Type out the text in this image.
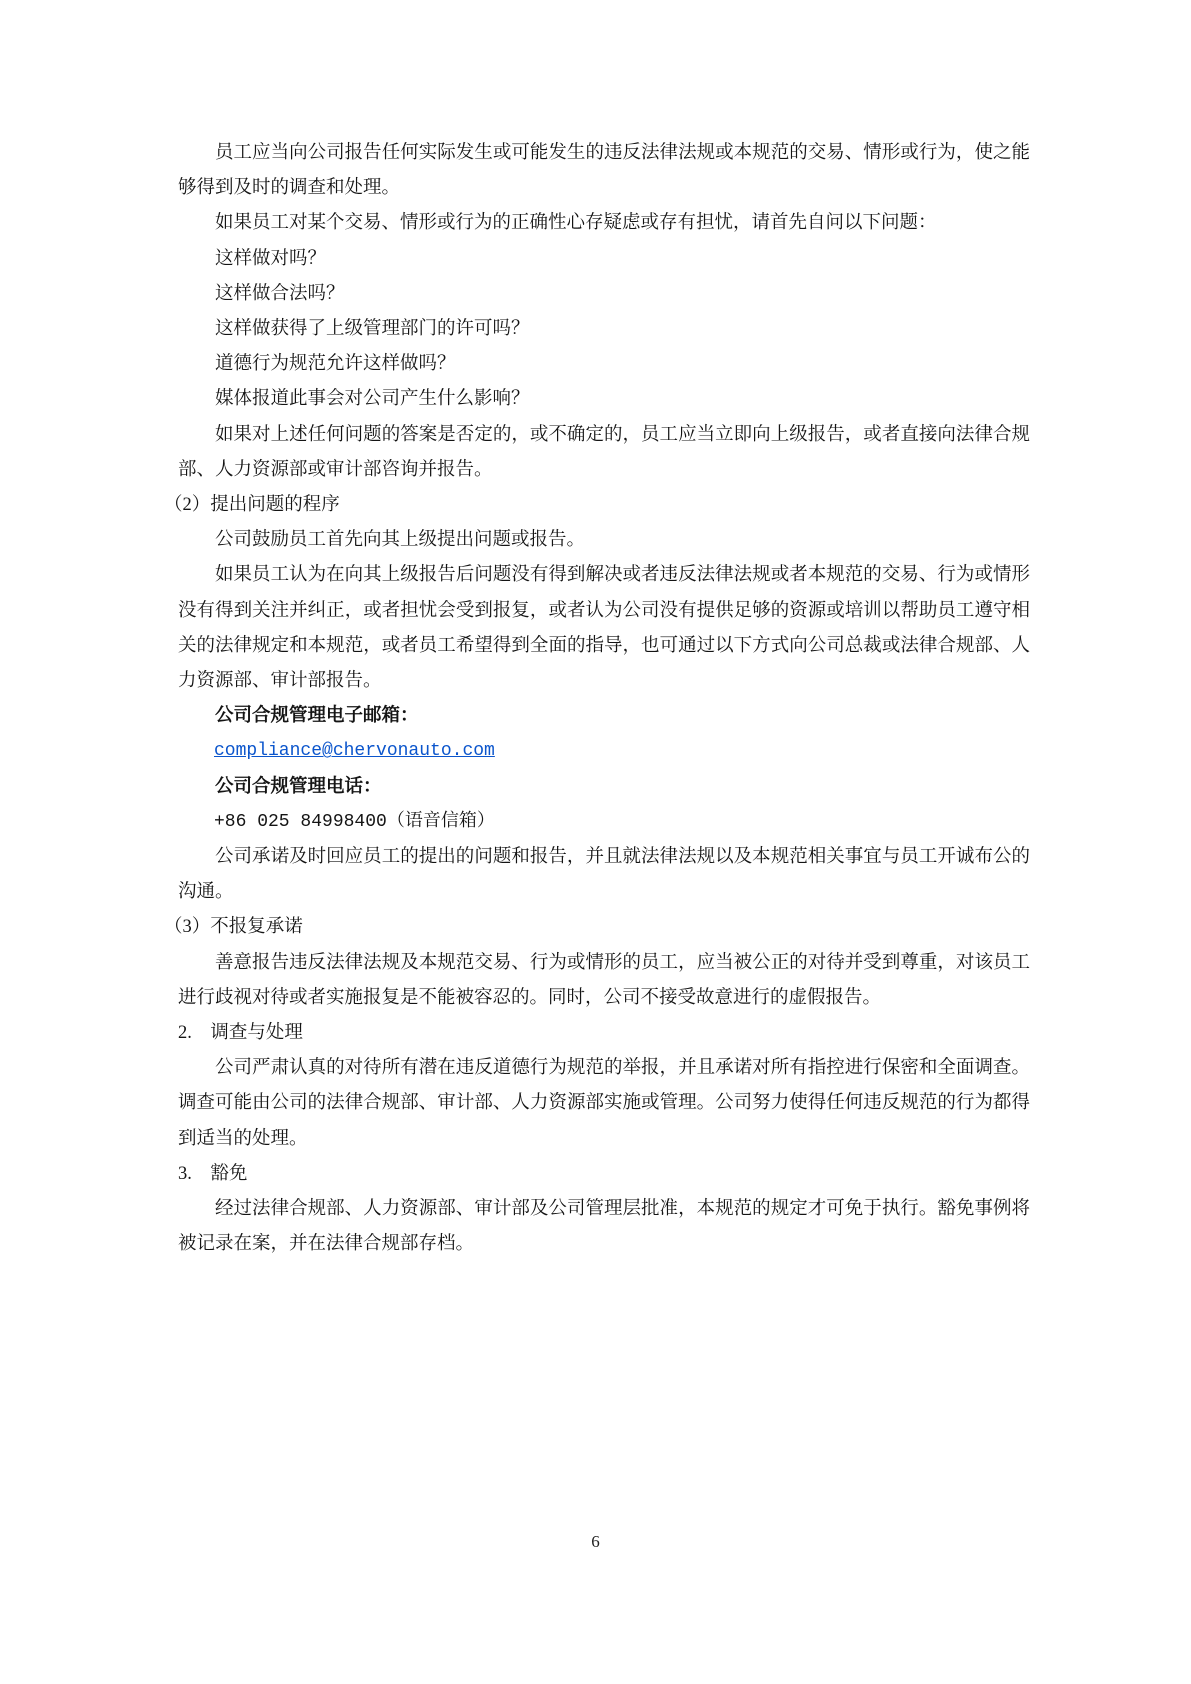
员工应当向公司报告任何实际发生或可能发生的违反法律法规或本规范的交易、情形或行为，使之能够得到及时的调查和处理。

如果员工对某个交易、情形或行为的正确性心存疑虑或存有担忧，请首先自问以下问题：

这样做对吗？

这样做合法吗？

这样做获得了上级管理部门的许可吗？

道德行为规范允许这样做吗？

媒体报道此事会对公司产生什么影响？

如果对上述任何问题的答案是否定的，或不确定的，员工应当立即向上级报告，或者直接向法律合规部、人力资源部或审计部咨询并报告。

（2）提出问题的程序

公司鼓励员工首先向其上级提出问题或报告。

如果员工认为在向其上级报告后问题没有得到解决或者违反法律法规或者本规范的交易、行为或情形没有得到关注并纠正，或者担忧会受到报复，或者认为公司没有提供足够的资源或培训以帮助员工遵守相关的法律规定和本规范，或者员工希望得到全面的指导，也可通过以下方式向公司总裁或法律合规部、人力资源部、审计部报告。

公司合规管理电子邮箱：

compliance@chervonauto.com

公司合规管理电话：

+86 025 84998400（语音信箱）

公司承诺及时回应员工的提出的问题和报告，并且就法律法规以及本规范相关事宜与员工开诚布公的沟通。

（3）不报复承诺

善意报告违反法律法规及本规范交易、行为或情形的员工，应当被公正的对待并受到尊重，对该员工进行歧视对待或者实施报复是不能被容忍的。同时，公司不接受故意进行的虚假报告。

2.　调查与处理

公司严肃认真的对待所有潜在违反道德行为规范的举报，并且承诺对所有指控进行保密和全面调查。调查可能由公司的法律合规部、审计部、人力资源部实施或管理。公司努力使得任何违反规范的行为都得到适当的处理。

3.　豁免

经过法律合规部、人力资源部、审计部及公司管理层批准，本规范的规定才可免于执行。豁免事例将被记录在案，并在法律合规部存档。

6
